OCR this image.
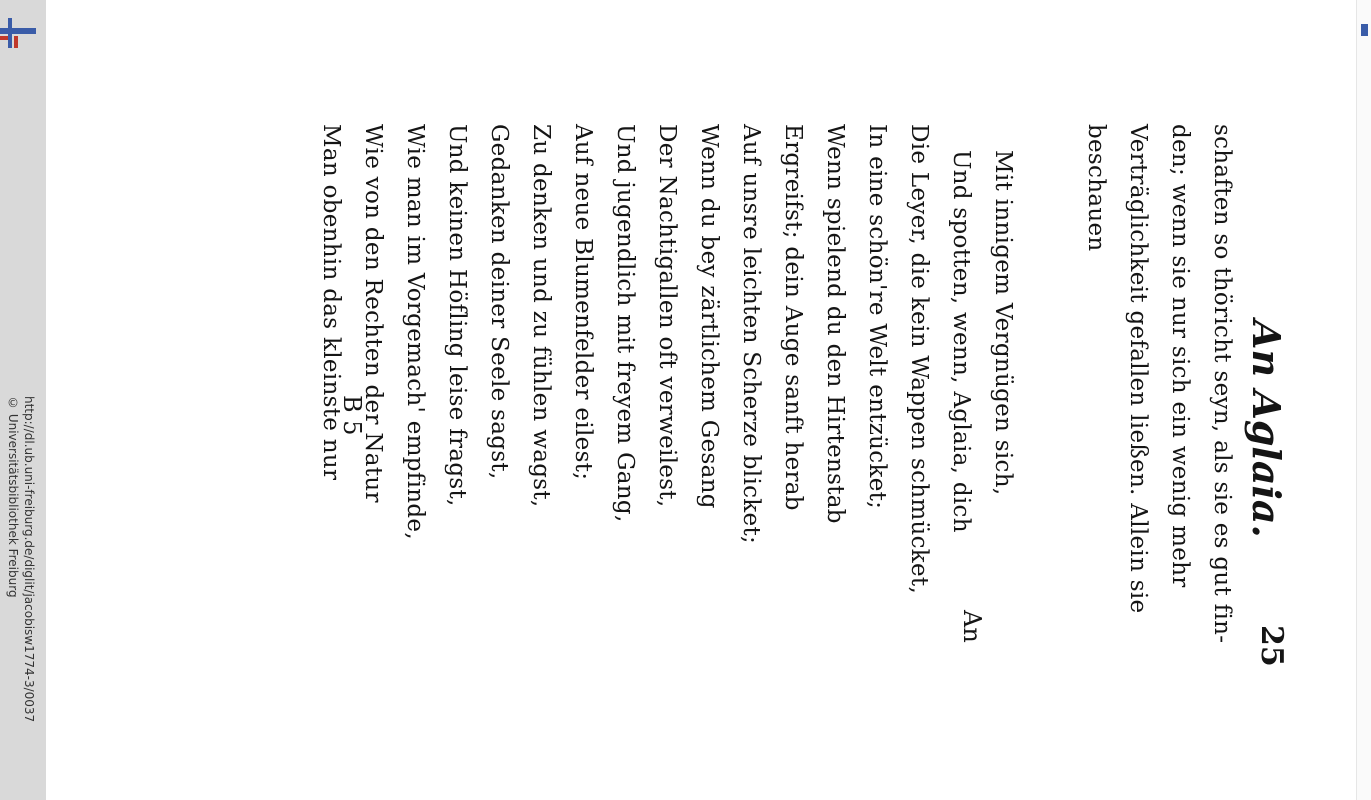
http://dl.ub.uni-freiburg.de/diglit/jacobisw1774-3/0037
© Universitätsbibliothek Freiburg
25
An Aglaia.
schaften so thöricht seyn, als sie es gut fin-
den; wenn sie nur sich ein wenig mehr
Verträglichkeit gefallen ließen. Allein sie
beschauen
Mit innigem Vergnügen sich,
Und spotten, wenn, Aglaia, dich
Die Leyer, die kein Wappen schmücket,
In eine schön're Welt entzücket;
Wenn spielend du den Hirtenstab
Ergreifst; dein Auge sanft herab
Auf unsre leichten Scherze blicket;
Wenn du bey zärtlichem Gesang
Der Nachtigallen oft verweilest,
Und jugendlich mit freyem Gang,
Auf neue Blumenfelder eilest;
Zu denken und zu fühlen wagst,
Gedanken deiner Seele sagst,
Und keinen Höfling leise fragst,
Wie man im Vorgemach' empfinde,
Wie von den Rechten der Natur
Man obenhin das kleinste nur
An
B 5
